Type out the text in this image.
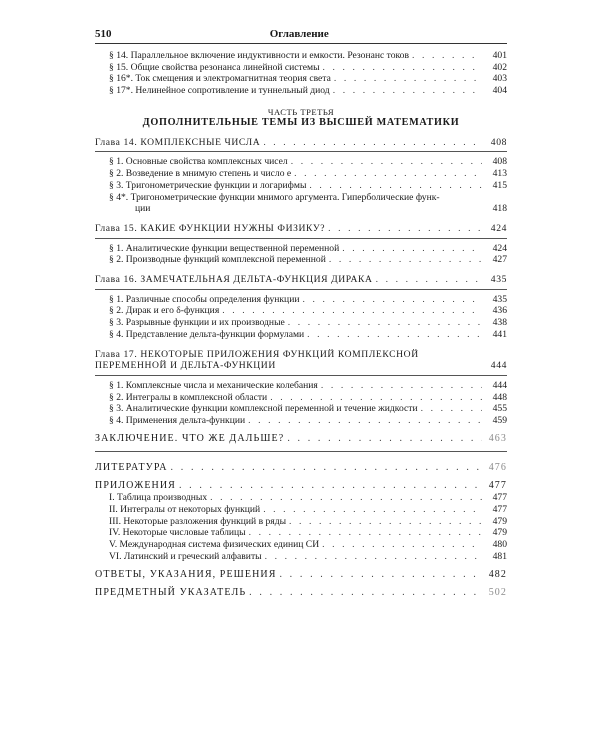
510	Оглавление
§ 14. Параллельное включение индуктивности и емкости. Резонанс токов . . .	401
§ 15. Общие свойства резонанса линейной системы . . .	402
§ 16*. Ток смещения и электромагнитная теория света . . .	403
§ 17*. Нелинейное сопротивление и туннельный диод . . .	404
ЧАСТЬ ТРЕТЬЯ
ДОПОЛНИТЕЛЬНЫЕ ТЕМЫ ИЗ ВЫСШЕЙ МАТЕМАТИКИ
Глава 14. КОМПЛЕКСНЫЕ ЧИСЛА . . .	408
§ 1. Основные свойства комплексных чисел . . .	408
§ 2. Возведение в мнимую степень и число e . . .	413
§ 3. Тригонометрические функции и логарифмы . . .	415
§ 4*. Тригонометрические функции мнимого аргумента. Гиперболические функ-
ции	418
Глава 15. КАКИЕ ФУНКЦИИ НУЖНЫ ФИЗИКУ? . . .	424
§ 1. Аналитические функции вещественной переменной . . .	424
§ 2. Производные функций комплексной переменной . . .	427
Глава 16. ЗАМЕЧАТЕЛЬНАЯ ДЕЛЬТА-ФУНКЦИЯ ДИРАКА . . .	435
§ 1. Различные способы определения функции . . .	435
§ 2. Дирак и его δ-функция . . .	436
§ 3. Разрывные функции и их производные . . .	438
§ 4. Представление дельта-функции формулами . . .	441
Глава 17. НЕКОТОРЫЕ ПРИЛОЖЕНИЯ ФУНКЦИЙ КОМПЛЕКСНОЙ
ПЕРЕМЕННОЙ И ДЕЛЬТА-ФУНКЦИИ	444
§ 1. Комплексные числа и механические колебания . . .	444
§ 2. Интегралы в комплексной области . . .	448
§ 3. Аналитические функции комплексной переменной и течение жидкости . . .	455
§ 4. Применения дельта-функции . . .	459
ЗАКЛЮЧЕНИЕ. ЧТО ЖЕ ДАЛЬШЕ? . . .	463
ЛИТЕРАТУРА . . .	476
ПРИЛОЖЕНИЯ . . .	477
I. Таблица производных . . .	477
II. Интегралы от некоторых функций . . .	477
III. Некоторые разложения функций в ряды . . .	479
IV. Некоторые числовые таблицы . . .	479
V. Международная система физических единиц СИ . . .	480
VI. Латинский и греческий алфавиты . . .	481
ОТВЕТЫ, УКАЗАНИЯ, РЕШЕНИЯ . . .	482
ПРЕДМЕТНЫЙ УКАЗАТЕЛЬ . . .	502
